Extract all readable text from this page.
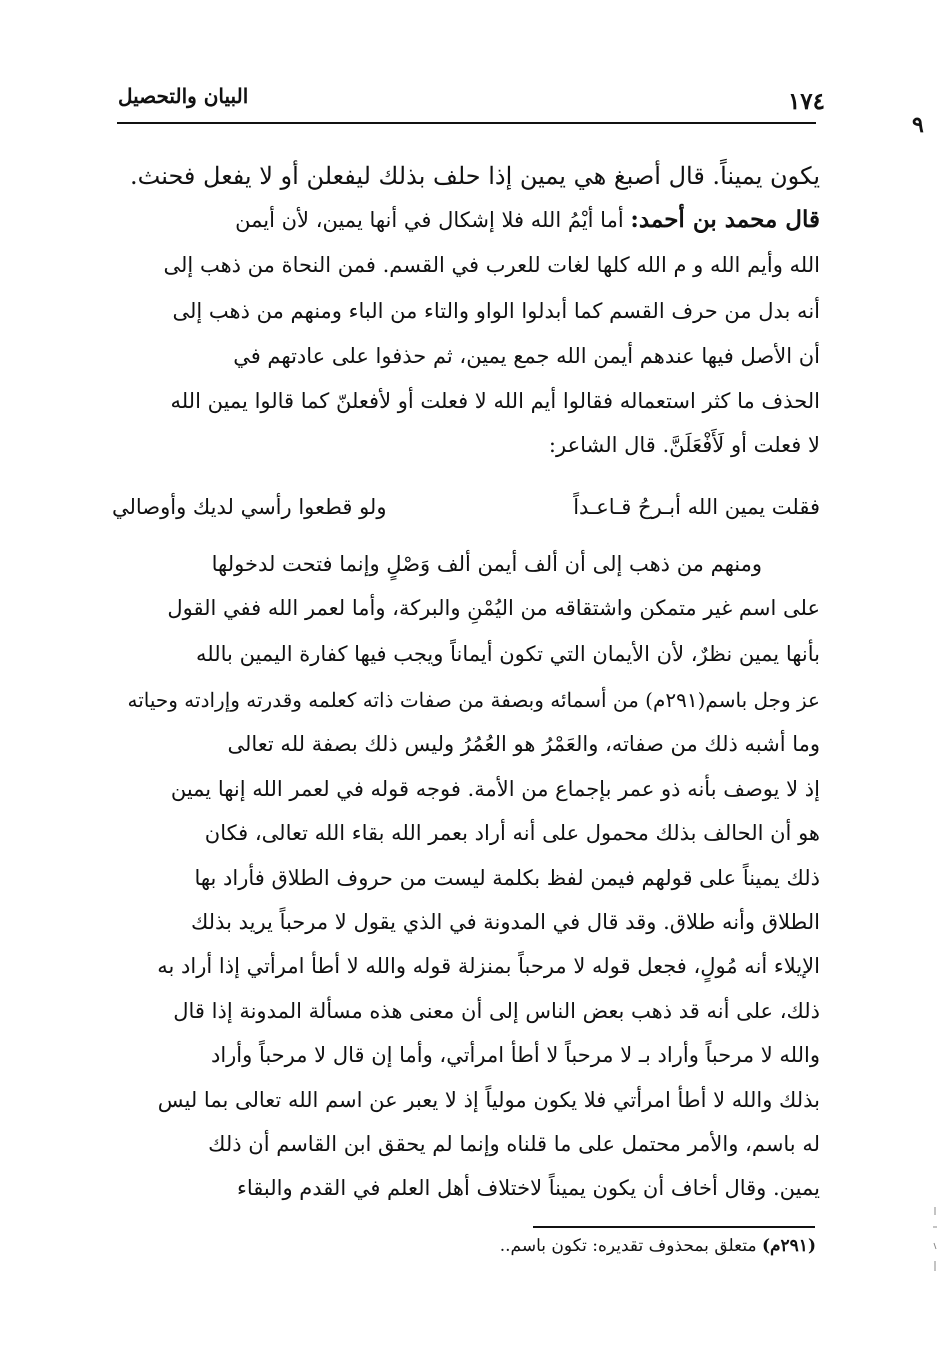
١٧٤
البيان والتحصيل
٩
يكون يميناً. قال أصبغ هي يمين إذا حلف بذلك ليفعلن أو لا يفعل فحنث.
قال محمد بن أحمد: أما أيْمُ الله فلا إشكال في أنها يمين، لأن أيمن
الله وأيم الله و م الله كلها لغات للعرب في القسم. فمن النحاة من ذهب إلى
أنه بدل من حرف القسم كما أبدلوا الواو والتاء من الباء ومنهم من ذهب إلى
أن الأصل فيها عندهم أيمن الله جمع يمين، ثم حذفوا على عادتهم في
الحذف ما كثر استعماله فقالوا أيم الله لا فعلت أو لأفعلنّ كما قالوا يمين الله
لا فعلت أو لَأَفْعَلَنَّ. قال الشاعر:
فقلت يمين الله أبـرحُ قـاعـداً
ولو قطعوا رأسي لديك وأوصالي
ومنهم من ذهب إلى أن ألف أيمن ألف وَصْلٍ وإنما فتحت لدخولها
على اسم غير متمكن واشتقاقه من اليُمْنِ والبركة، وأما لعمر الله ففي القول
بأنها يمين نظرٌ، لأن الأيمان التي تكون أيماناً ويجب فيها كفارة اليمين بالله
عز وجل باسم(٢٩١م) من أسمائه وبصفة من صفات ذاته كعلمه وقدرته وإرادته وحياته
وما أشبه ذلك من صفاته، والعَمْرُ هو العُمُرُ وليس ذلك بصفة لله تعالى
إذ لا يوصف بأنه ذو عمر بإجماع من الأمة. فوجه قوله في لعمر الله إنها يمين
هو أن الحالف بذلك محمول على أنه أراد بعمر الله بقاء الله تعالى، فكان
ذلك يميناً على قولهم فيمن لفظ بكلمة ليست من حروف الطلاق فأراد بها
الطلاق وأنه طلاق. وقد قال في المدونة في الذي يقول لا مرحباً يريد بذلك
الإيلاء أنه مُولٍ، فجعل قوله لا مرحباً بمنزلة قوله والله لا أطأ امرأتي إذا أراد به
ذلك، على أنه قد ذهب بعض الناس إلى أن معنى هذه مسألة المدونة إذا قال
والله لا مرحباً وأراد بـ لا مرحباً لا أطأ امرأتي، وأما إن قال لا مرحباً وأراد
بذلك والله لا أطأ امرأتي فلا يكون مولياً إذ لا يعبر عن اسم الله تعالى بما ليس
له باسم، والأمر محتمل على ما قلناه وإنما لم يحقق ابن القاسم أن ذلك
يمين. وقال أخاف أن يكون يميناً لاختلاف أهل العلم في القدم والبقاء
(٢٩١م) متعلق بمحذوف تقديره: تكون باسم..
